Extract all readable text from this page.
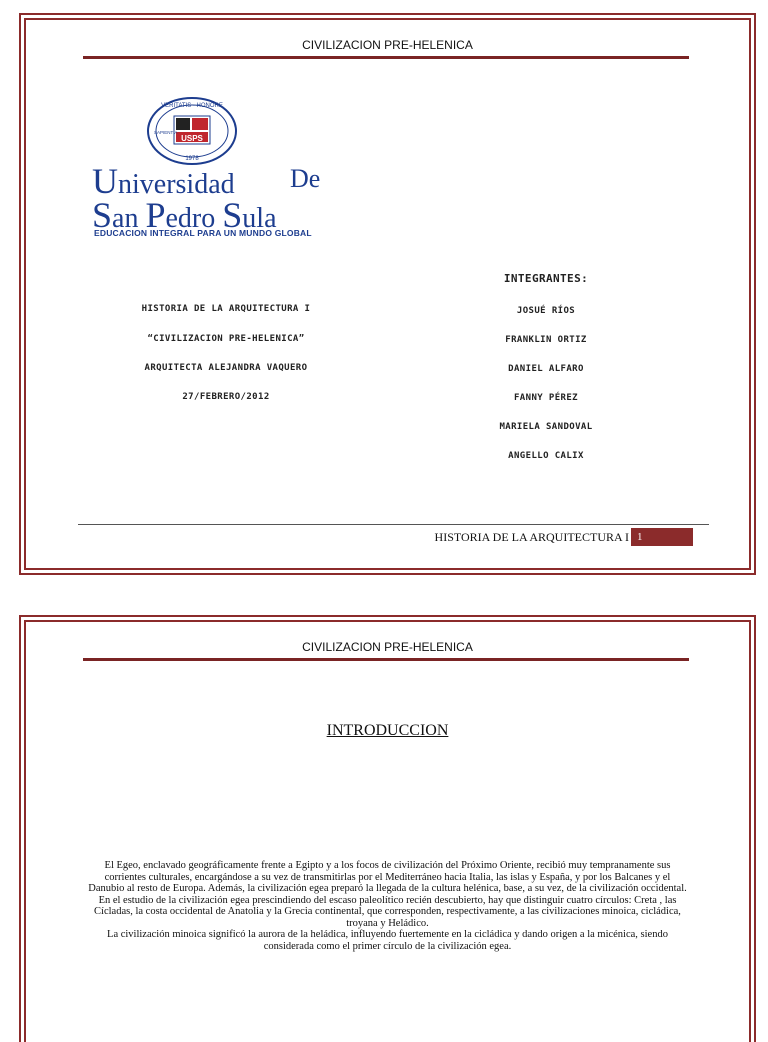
CIVILIZACION PRE-HELENICA
USPS
VERITATIS · HONORE
1978
SAPIENTIA
Universidad De
San Pedro Sula
EDUCACION INTEGRAL PARA UN MUNDO GLOBAL
INTEGRANTES:
HISTORIA DE LA ARQUITECTURA I
“CIVILIZACION PRE-HELENICA”
ARQUITECTA ALEJANDRA VAQUERO
27/FEBRERO/2012
JOSUÉ RÍOS
FRANKLIN ORTIZ
DANIEL ALFARO
FANNY PÉREZ
MARIELA SANDOVAL
ANGELLO CALIX
HISTORIA DE LA ARQUITECTURA I 1
CIVILIZACION PRE-HELENICA
INTRODUCCION

El Egeo, enclavado geográficamente frente a Egipto y a los focos de civilización del Próximo Oriente, recibió muy tempranamente sus corrientes culturales, encargándose a su vez de transmitirlas por el Mediterráneo hacia Italia, las islas y España, y por los Balcanes y el Danubio al resto de Europa. Además, la civilización egea preparó la llegada de la cultura helénica, base, a su vez, de la civilización occidental. En el estudio de la civilización egea prescindiendo del escaso paleolítico recién descubierto, hay que distinguir cuatro círculos: Creta , las Cícladas, la costa occidental de Anatolia y la Grecia continental, que corresponden, respectivamente, a las civilizaciones minoica, cicládica, troyana y Heládico.

La civilización minoica significó la aurora de la heládica, influyendo fuertemente en la cicládica y dando origen a la micénica, siendo considerada como el primer círculo de la civilización egea.
